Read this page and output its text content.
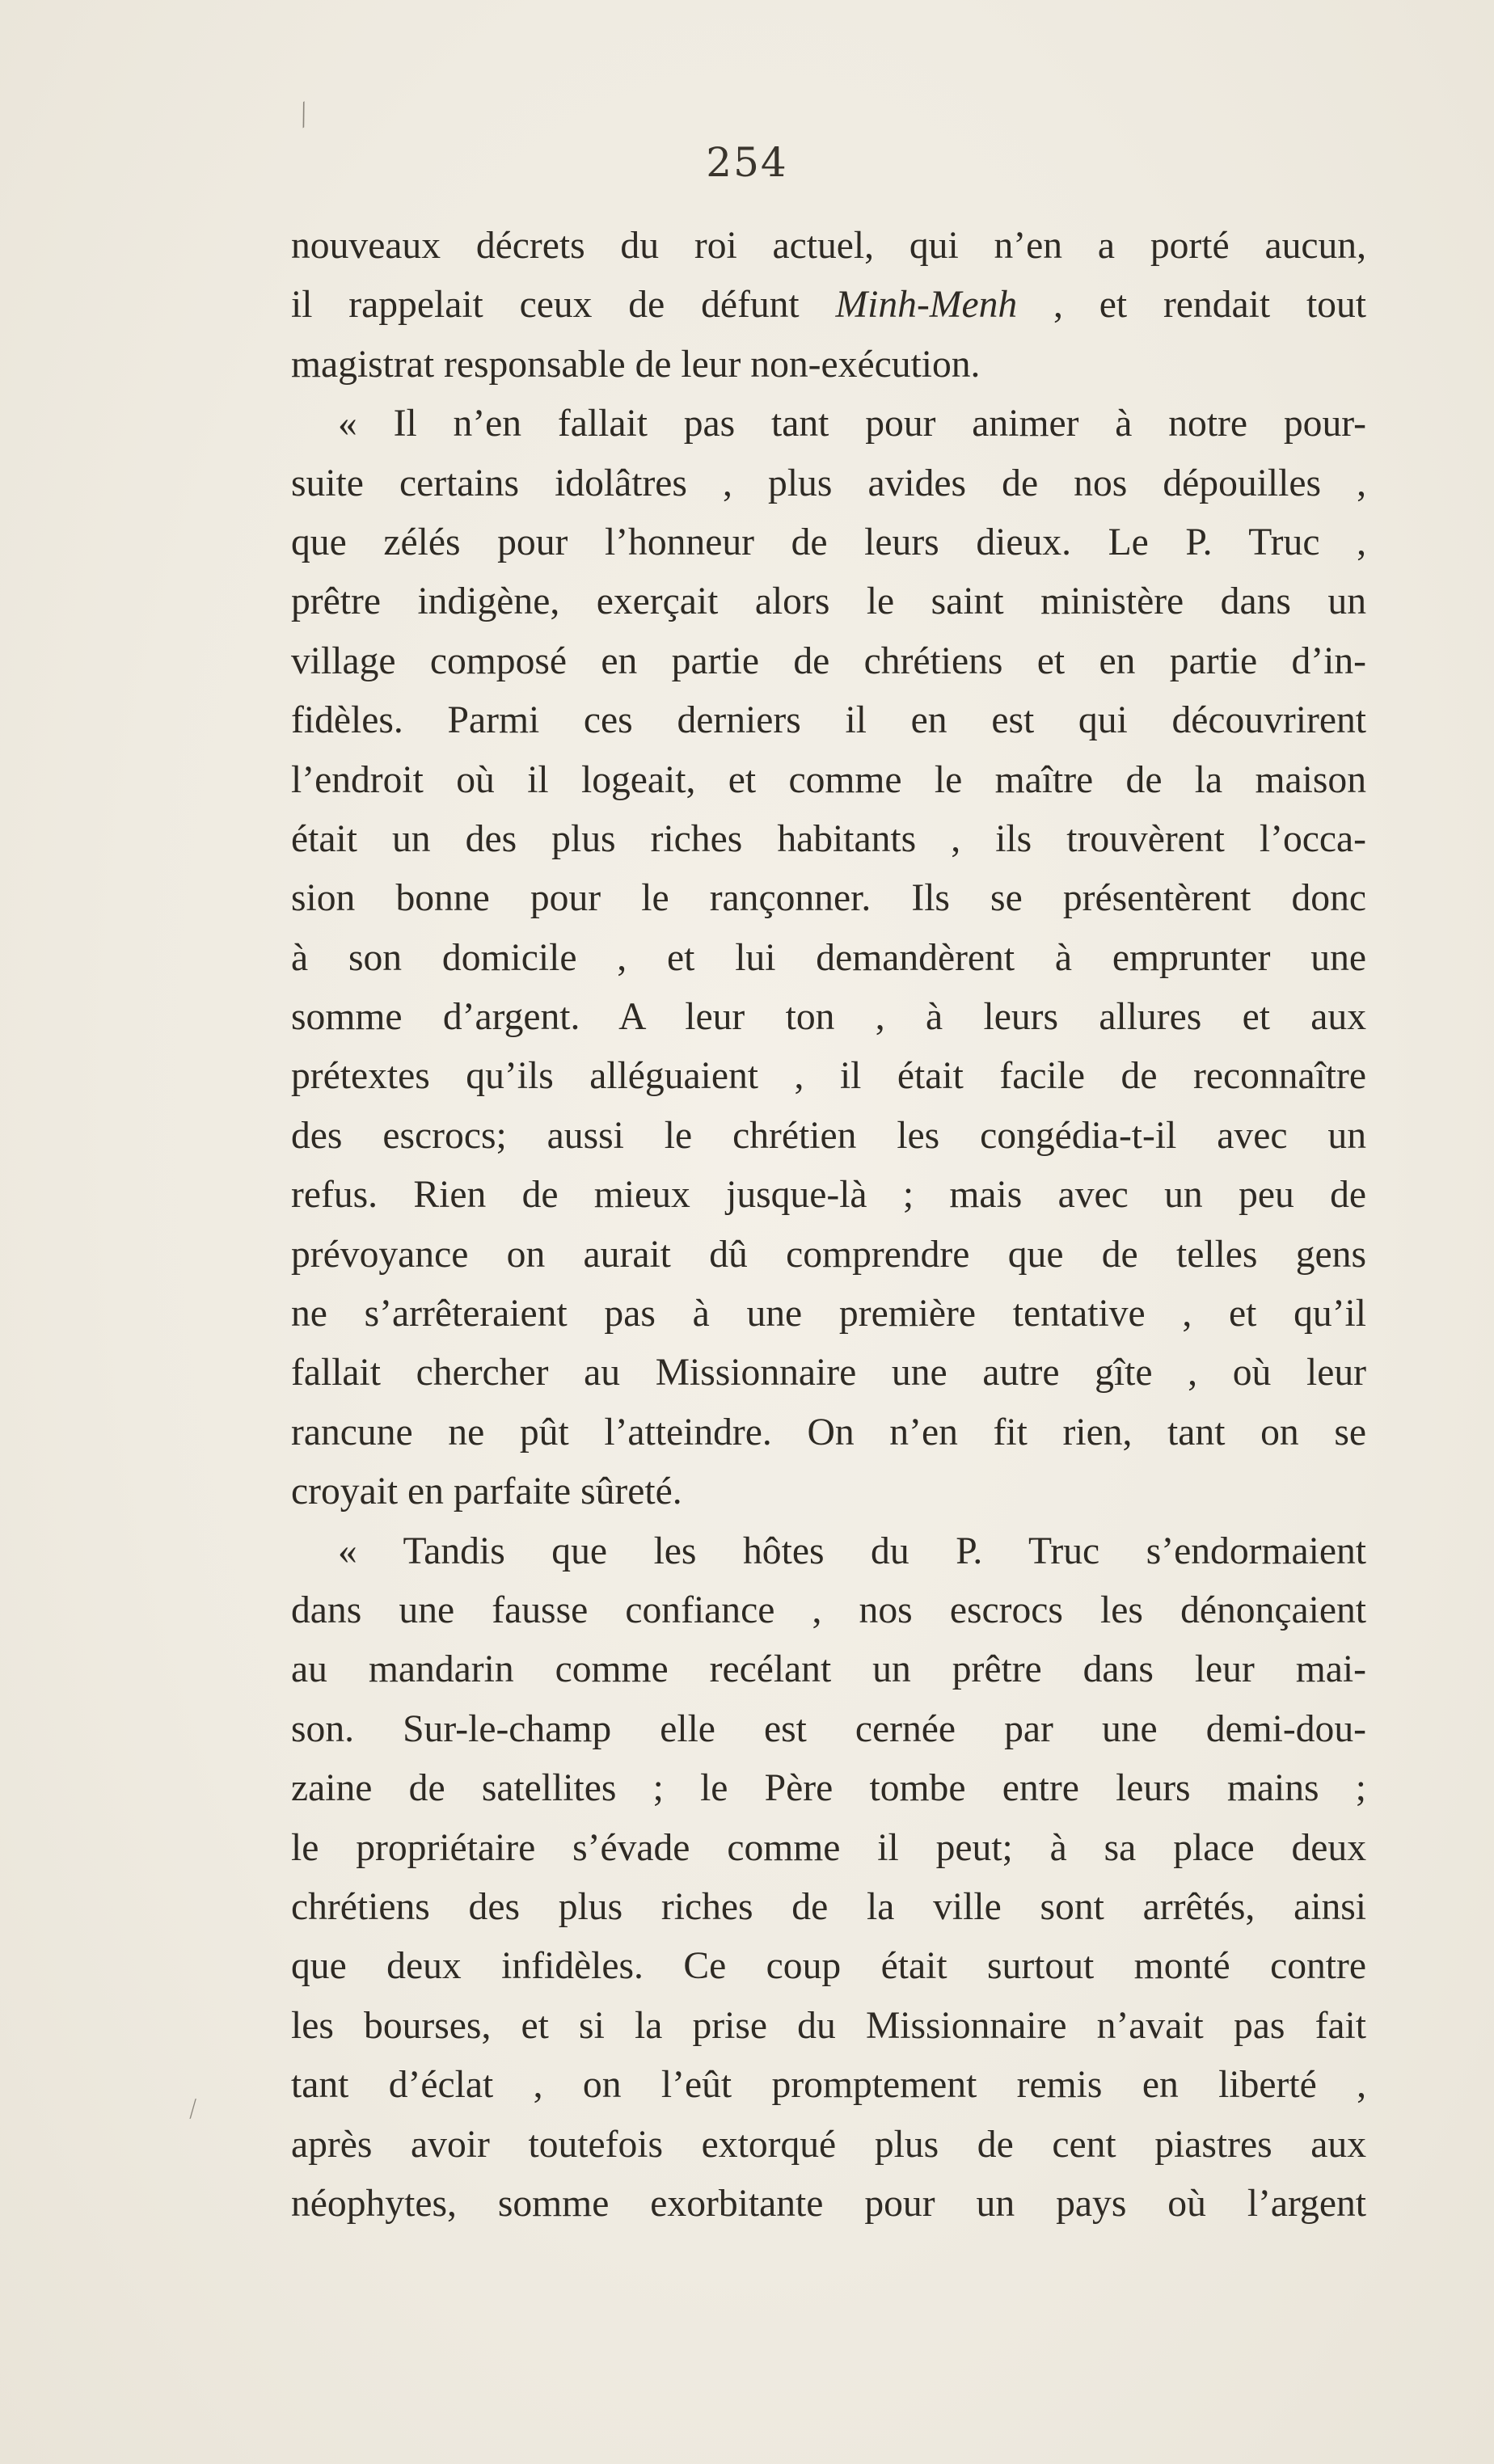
254
nouveaux décrets du roi actuel, qui n’en a porté aucun,
il rappelait ceux de défunt Minh-Menh , et rendait tout
magistrat responsable de leur non-exécution.
« Il n’en fallait pas tant pour animer à notre pour-
suite certains idolâtres , plus avides de nos dépouilles ,
que zélés pour l’honneur de leurs dieux. Le P. Truc ,
prêtre indigène, exerçait alors le saint ministère dans un
village composé en partie de chrétiens et en partie d’in-
fidèles. Parmi ces derniers il en est qui découvrirent
l’endroit où il logeait, et comme le maître de la maison
était un des plus riches habitants , ils trouvèrent l’occa-
sion bonne pour le rançonner. Ils se présentèrent donc
à son domicile , et lui demandèrent à emprunter une
somme d’argent. A leur ton , à leurs allures et aux
prétextes qu’ils alléguaient , il était facile de reconnaître
des escrocs; aussi le chrétien les congédia-t-il avec un
refus. Rien de mieux jusque-là ; mais avec un peu de
prévoyance on aurait dû comprendre que de telles gens
ne s’arrêteraient pas à une première tentative , et qu’il
fallait chercher au Missionnaire une autre gîte , où leur
rancune ne pût l’atteindre. On n’en fit rien, tant on se
croyait en parfaite sûreté.
« Tandis que les hôtes du P. Truc s’endormaient
dans une fausse confiance , nos escrocs les dénonçaient
au mandarin comme recélant un prêtre dans leur mai-
son. Sur-le-champ elle est cernée par une demi-dou-
zaine de satellites ; le Père tombe entre leurs mains ;
le propriétaire s’évade comme il peut; à sa place deux
chrétiens des plus riches de la ville sont arrêtés, ainsi
que deux infidèles. Ce coup était surtout monté contre
les bourses, et si la prise du Missionnaire n’avait pas fait
tant d’éclat , on l’eût promptement remis en liberté ,
après avoir toutefois extorqué plus de cent piastres aux
néophytes, somme exorbitante pour un pays où l’argent
∕
∕
